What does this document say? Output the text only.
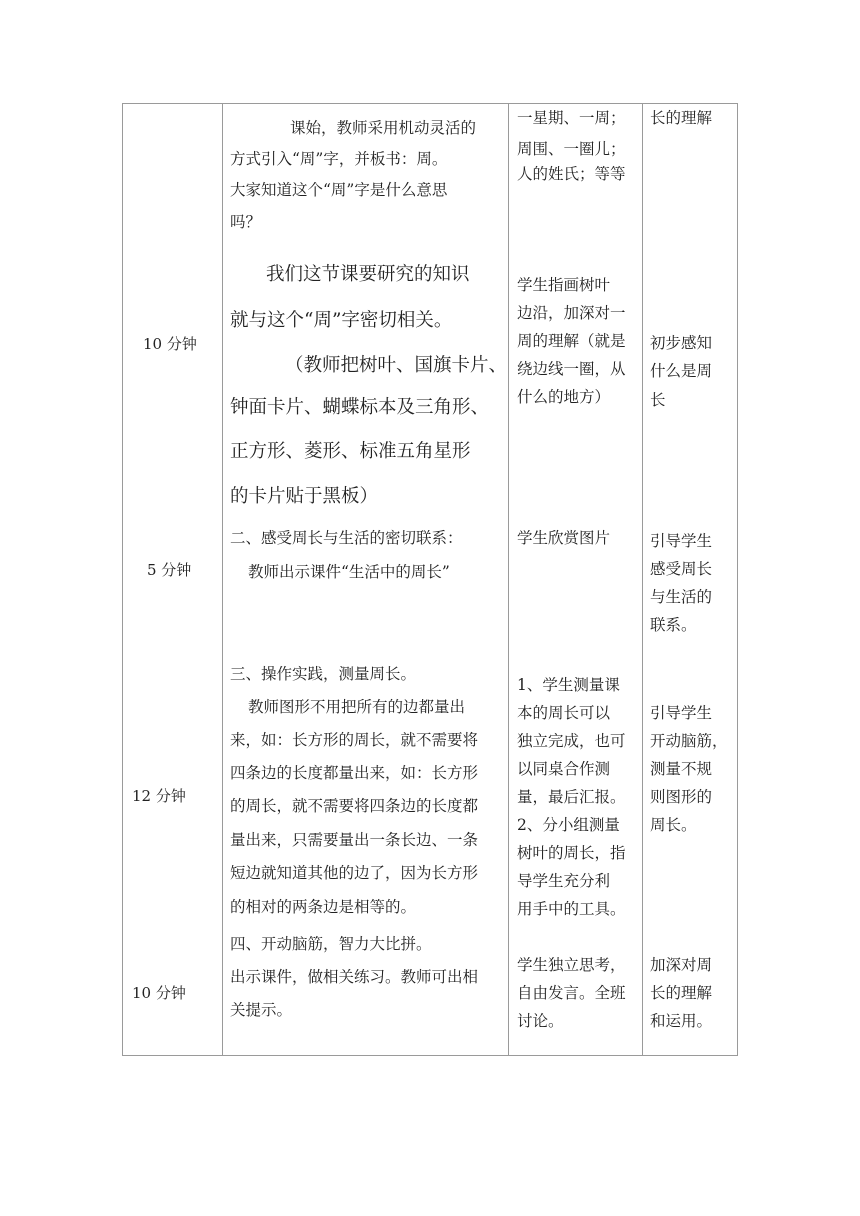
10 分钟

课始，教师采用机动灵活的

方式引入“周”字，并板书：周。

大家知道这个“周”字是什么意思

吗？

我们这节课要研究的知识

就与这个“周”字密切相关。

（教师把树叶、国旗卡片、

钟面卡片、蝴蝶标本及三角形、

正方形、菱形、标准五角星形

的卡片贴于黑板）

一星期、一周；

周围、一圈儿；

人的姓氏；等等

学生指画树叶

边沿，加深对一

周的理解（就是

绕边线一圈，从

什么的地方）

长的理解

初步感知

什么是周

长

5 分钟

二、感受周长与生活的密切联系：

教师出示课件“生活中的周长”

学生欣赏图片	引导学生

感受周长

与生活的

联系。

12 分钟

三、操作实践，测量周长。

教师图形不用把所有的边都量出

来，如：长方形的周长，就不需要将

四条边的长度都量出来，如：长方形

的周长，就不需要将四条边的长度都

量出来，只需要量出一条长边、一条

短边就知道其他的边了，因为长方形

的相对的两条边是相等的。

1、学生测量课

本的周长可以

独立完成，也可

以同桌合作测

量，最后汇报。

2、分小组测量

树叶的周长，指

导学生充分利

用手中的工具。

引导学生

开动脑筋，

测量不规

则图形的

周长。

10 分钟

四、开动脑筋，智力大比拼。

出示课件，做相关练习。教师可出相

关提示。

学生独立思考，

自由发言。全班

讨论。

加深对周

长的理解

和运用。
